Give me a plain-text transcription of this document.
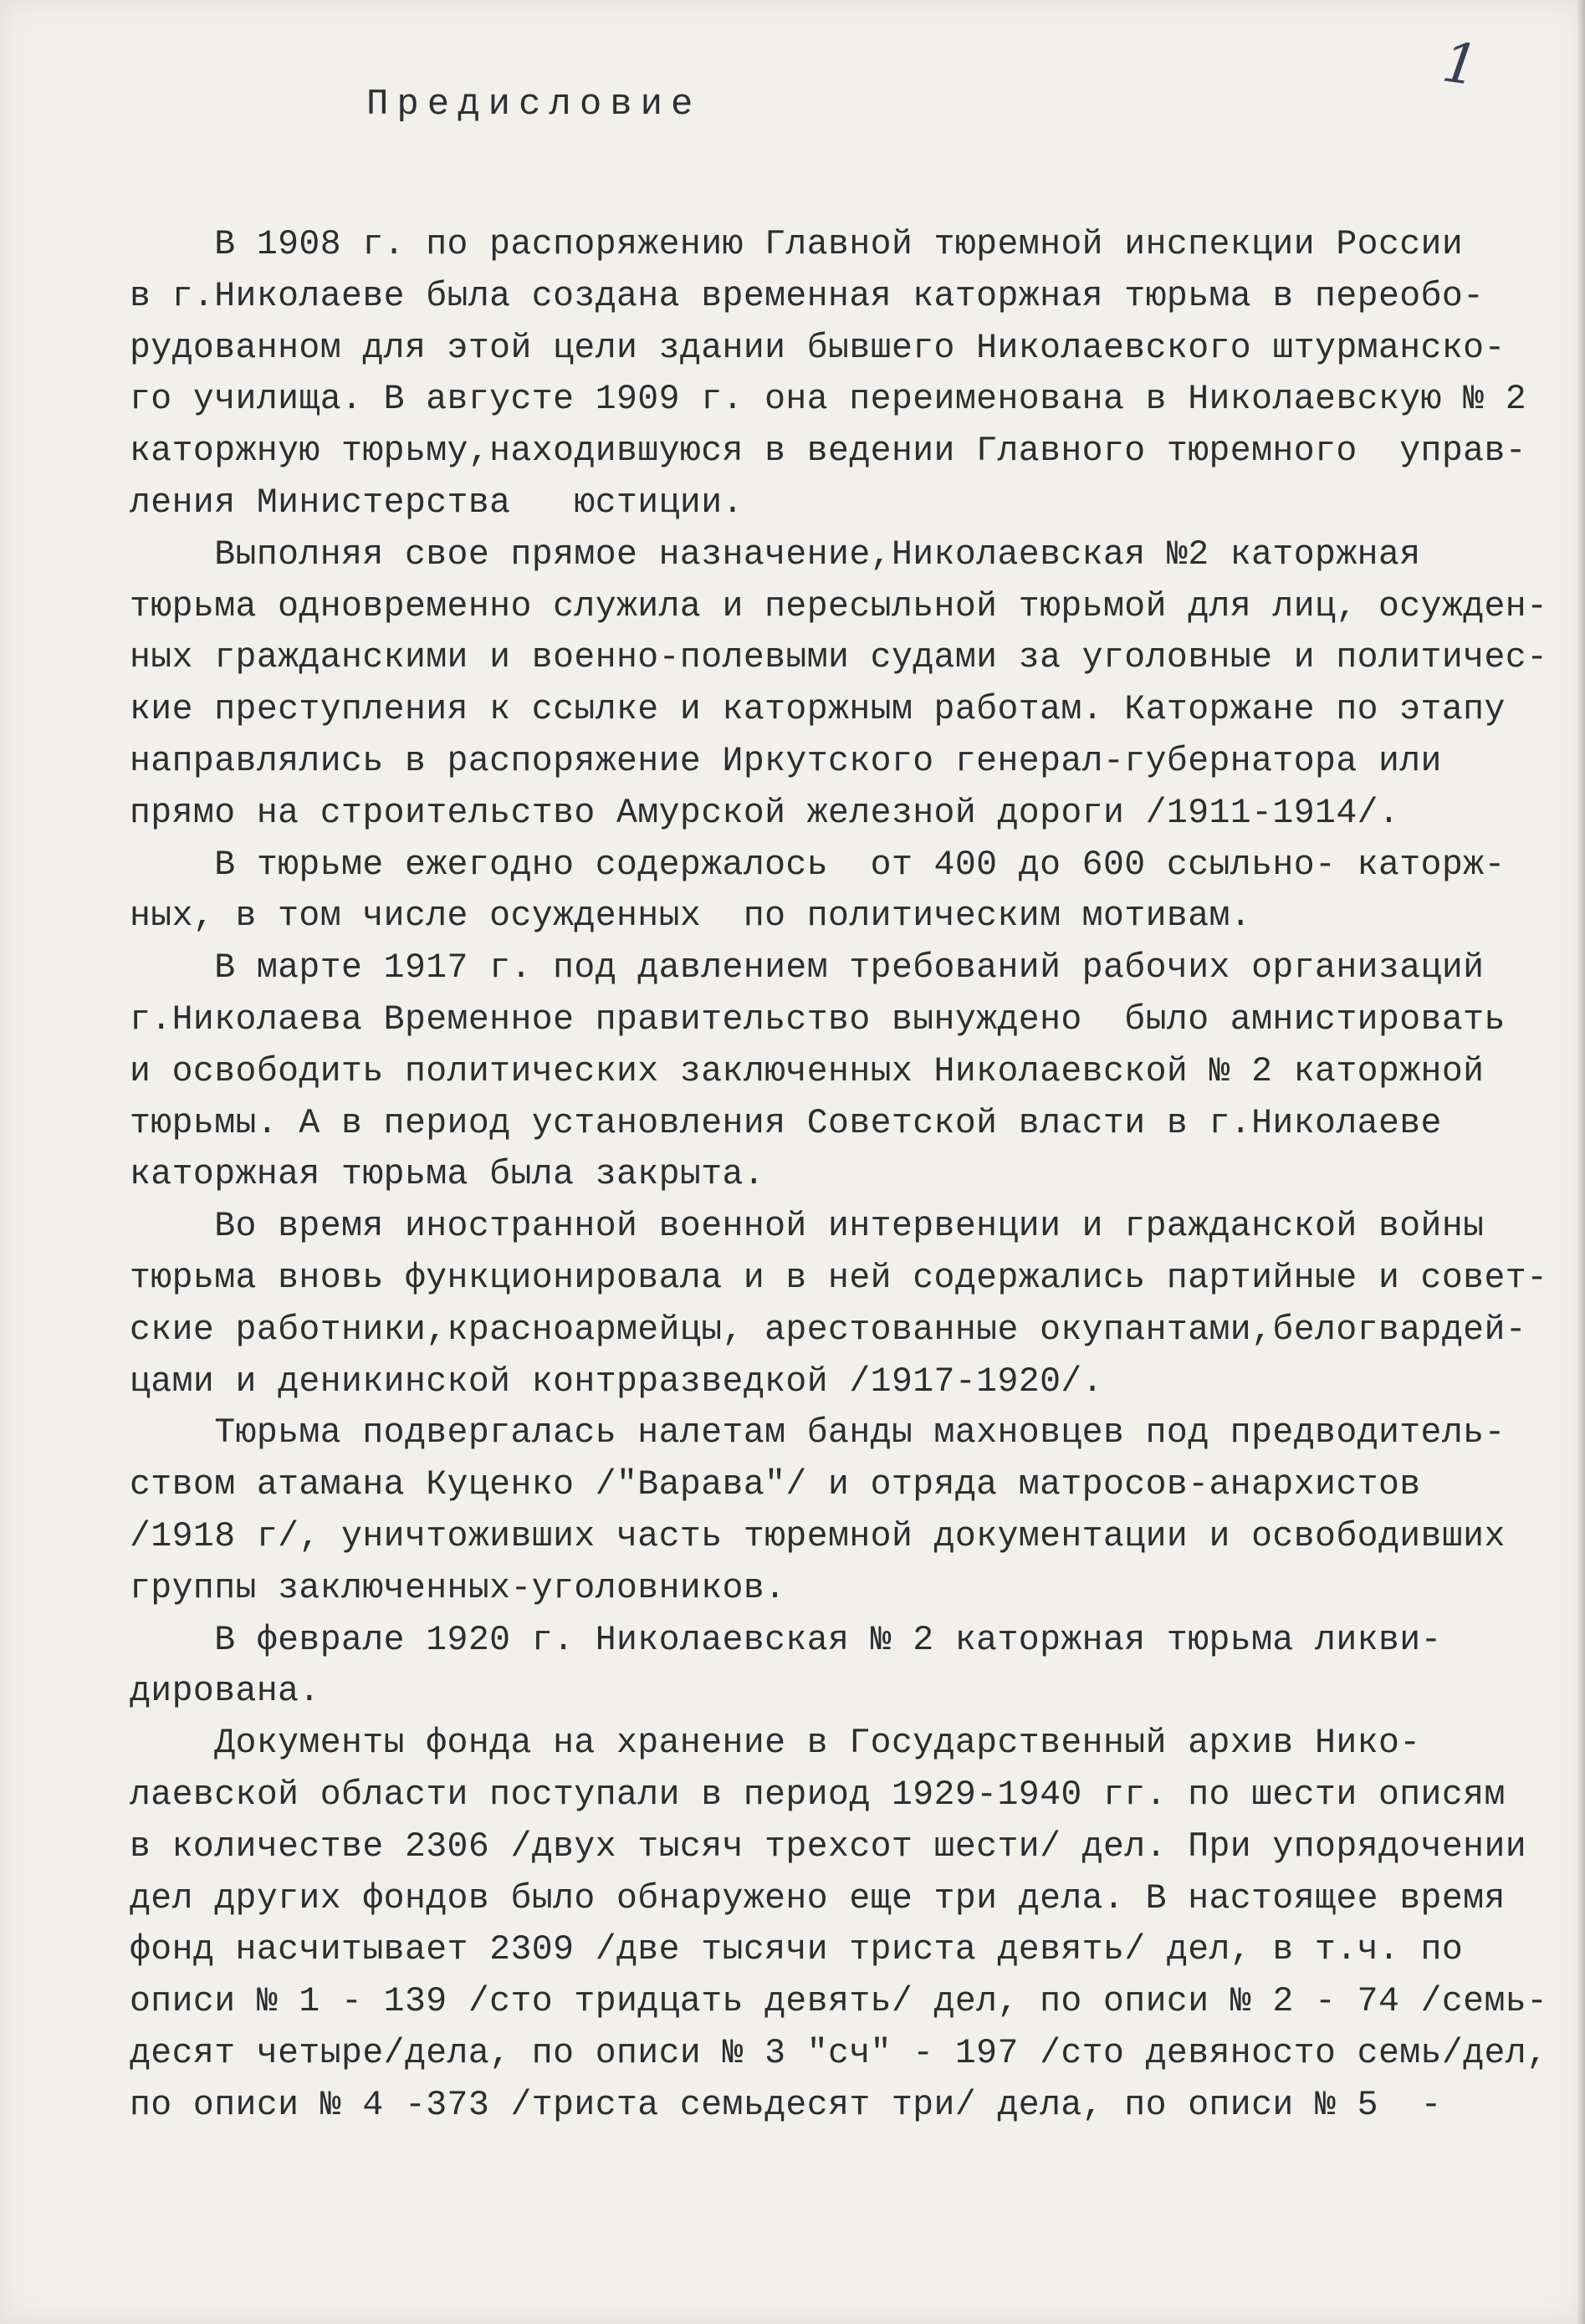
1
Предисловие
В 1908 г. по распоряжению Главной тюремной инспекции России
в г.Николаеве была создана временная каторжная тюрьма в переобо-
рудованном для этой цели здании бывшего Николаевского штурманско-
го училища. В августе 1909 г. она переименована в Николаевскую № 2
каторжную тюрьму,находившуюся в ведении Главного тюремного  управ-
ления Министерства   юстиции.
Выполняя свое прямое назначение,Николаевская №2 каторжная
тюрьма одновременно служила и пересыльной тюрьмой для лиц, осужден-
ных гражданскими и военно-полевыми судами за уголовные и политичес-
кие преступления к ссылке и каторжным работам. Каторжане по этапу
направлялись в распоряжение Иркутского генерал-губернатора или
прямо на строительство Амурской железной дороги /1911-1914/.
В тюрьме ежегодно содержалось  от 400 до 600 ссыльно- каторж-
ных, в том числе осужденных  по политическим мотивам.
В марте 1917 г. под давлением требований рабочих организаций
г.Николаева Временное правительство вынуждено  было амнистировать
и освободить политических заключенных Николаевской № 2 каторжной
тюрьмы. А в период установления Советской власти в г.Николаеве
каторжная тюрьма была закрыта.
Во время иностранной военной интервенции и гражданской войны
тюрьма вновь функционировала и в ней содержались партийные и совет-
ские работники,красноармейцы, арестованные окупантами,белогвардей-
цами и деникинской контрразведкой /1917-1920/.
Тюрьма подвергалась налетам банды махновцев под предводитель-
ством атамана Куценко /"Варава"/ и отряда матросов-анархистов
/1918 г/, уничтоживших часть тюремной документации и освободивших
группы заключенных-уголовников.
В феврале 1920 г. Николаевская № 2 каторжная тюрьма ликви-
дирована.
Документы фонда на хранение в Государственный архив Нико-
лаевской области поступали в период 1929-1940 гг. по шести описям
в количестве 2306 /двух тысяч трехсот шести/ дел. При упорядочении
дел других фондов было обнаружено еще три дела. В настоящее время
фонд насчитывает 2309 /две тысячи триста девять/ дел, в т.ч. по
описи № 1 - 139 /сто тридцать девять/ дел, по описи № 2 - 74 /семь-
десят четыре/дела, по описи № 3 "сч" - 197 /сто девяносто семь/дел,
по описи № 4 -373 /триста семьдесят три/ дела, по описи № 5  -
